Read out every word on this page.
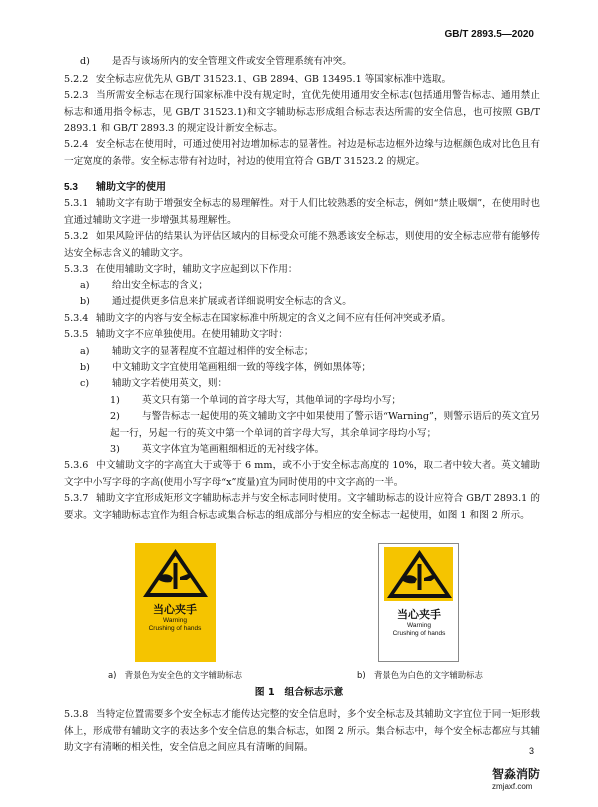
GB/T 2893.5—2020
d) 是否与该场所内的安全管理文件或安全管理系统有冲突。
5.2.2 安全标志应优先从 GB/T 31523.1、GB 2894、GB 13495.1 等国家标准中选取。
5.2.3 当所需安全标志在现行国家标准中没有规定时，宜优先使用通用安全标志(包括通用警告标志、通用禁止标志和通用指令标志，见 GB/T 31523.1)和文字辅助标志形成组合标志表达所需的安全信息，也可按照 GB/T 2893.1 和 GB/T 2893.3 的规定设计新安全标志。
5.2.4 安全标志在使用时，可通过使用衬边增加标志的显著性。衬边是标志边框外边缘与边框颜色成对比色且有一定宽度的条带。安全标志带有衬边时，衬边的使用宜符合 GB/T 31523.2 的规定。
5.3 辅助文字的使用
5.3.1 辅助文字有助于增强安全标志的易理解性。对于人们比较熟悉的安全标志，例如“禁止吸烟”，在使用时也宜通过辅助文字进一步增强其易理解性。
5.3.2 如果风险评估的结果认为评估区域内的目标受众可能不熟悉该安全标志，则使用的安全标志应带有能够传达安全标志含义的辅助文字。
5.3.3 在使用辅助文字时，辅助文字应起到以下作用：
a) 给出安全标志的含义；
b) 通过提供更多信息来扩展或者详细说明安全标志的含义。
5.3.4 辅助文字的内容与安全标志在国家标准中所规定的含义之间不应有任何冲突或矛盾。
5.3.5 辅助文字不应单独使用。在使用辅助文字时：
a) 辅助文字的显著程度不宜超过相伴的安全标志；
b) 中文辅助文字宜使用笔画粗细一致的等线字体，例如黑体等；
c) 辅助文字若使用英文，则：
1) 英文只有第一个单词的首字母大写，其他单词的字母均小写；
2) 与警告标志一起使用的英文辅助文字中如果使用了警示语“Warning”，则警示语后的英文宜另起一行，另起一行的英文中第一个单词的首字母大写，其余单词字母均小写；
3) 英文字体宜为笔画粗细相近的无衬线字体。
5.3.6 中文辅助文字的字高宜大于或等于 6 mm，或不小于安全标志高度的 10%，取二者中较大者。英文辅助文字中小写字母的字高(使用小写字母“x”度量)宜为同时使用的中文字高的一半。
5.3.7 辅助文字宜形成矩形文字辅助标志并与安全标志同时使用。文字辅助标志的设计应符合 GB/T 2893.1 的要求。文字辅助标志宜作为组合标志或集合标志的组成部分与相应的安全标志一起使用，如图 1 和图 2 所示。
当心夹手
Warning
Crushing of hands
当心夹手
Warning
Crushing of hands
a)　背景色为安全色的文字辅助标志	b)　背景色为白色的文字辅助标志
图 1　组合标志示意
5.3.8 当特定位置需要多个安全标志才能传达完整的安全信息时，多个安全标志及其辅助文字宜位于同一矩形载体上，形成带有辅助文字的表达多个安全信息的集合标志，如图 2 所示。集合标志中，每个安全标志都应与其辅助文字有清晰的相关性，安全信息之间应具有清晰的间隔。	3
智淼消防
zmjaxf.com
